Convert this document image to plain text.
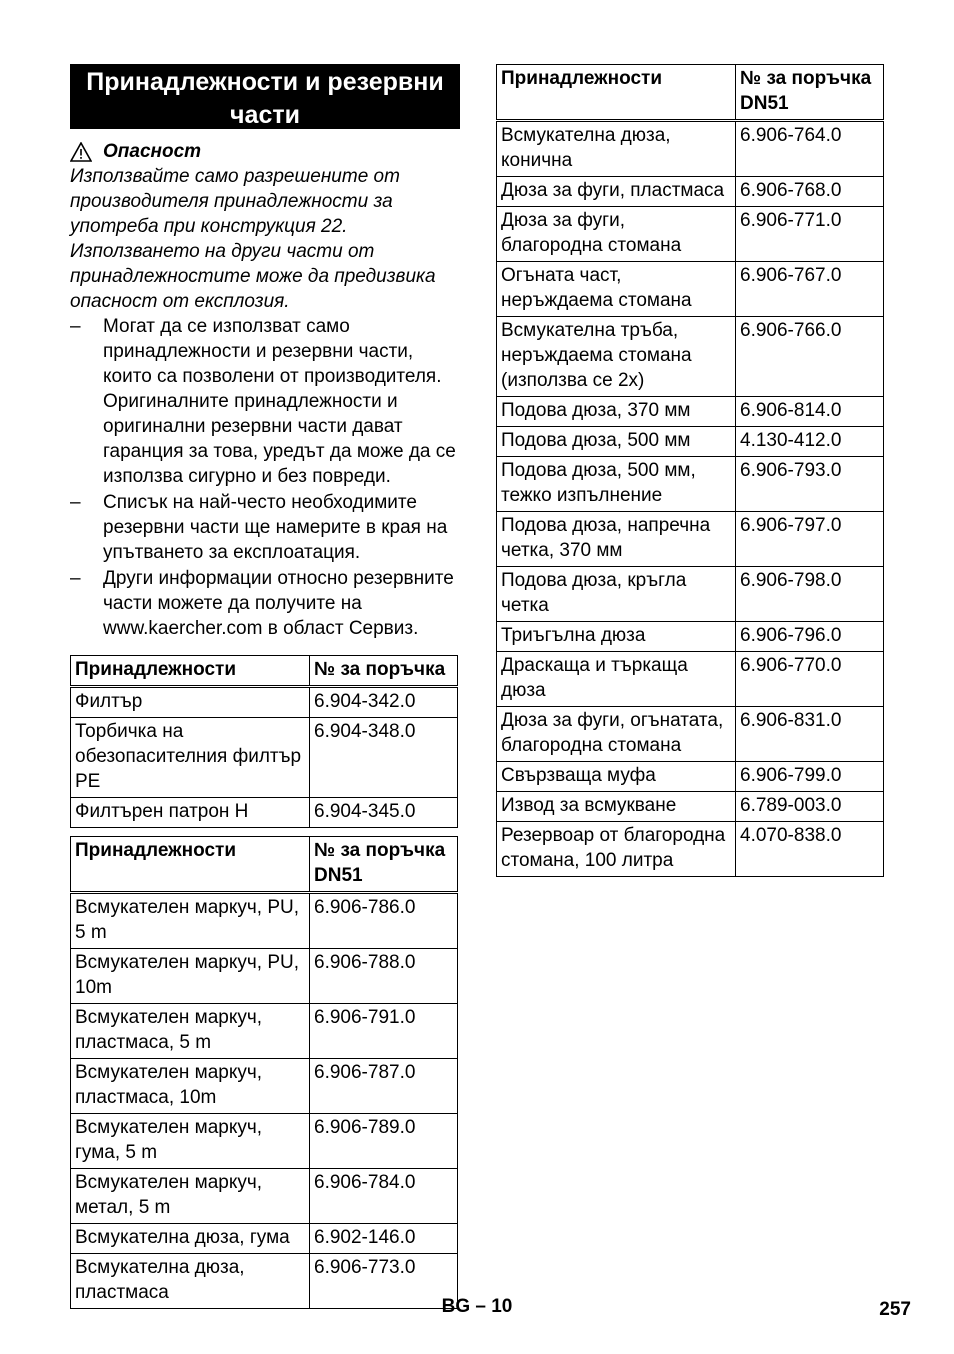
Принадлежности и резервни части
Опасност
Използвайте само разрешените от производителя принадлежности за употреба при конструкция 22. Използването на други части от принадлежностите може да предизвика опасност от експлозия.
– Могат да се използват само принадлежности и резервни части, които са позволени от производителя. Оригиналните принадлежности и оригинални резервни части дават гаранция за това, уредът да може да се използва сигурно и без повреди.
– Списък на най-често необходимите резервни части ще намерите в края на упътването за експлоатация.
– Други информации относно резервните части можете да получите на www.kaercher.com в област Сервиз.
Принадлежности	№ за поръчка
Филтър	6.904-342.0
Торбичка на обезопасителния филтър PE	6.904-348.0
Филтърен патрон H	6.904-345.0
Принадлежности	№ за поръчка DN51
Всмукателен маркуч, PU, 5 m	6.906-786.0
Всмукателен маркуч, PU, 10m	6.906-788.0
Всмукателен маркуч, пластмаса, 5 m	6.906-791.0
Всмукателен маркуч, пластмаса, 10m	6.906-787.0
Всмукателен маркуч, гума, 5 m	6.906-789.0
Всмукателен маркуч, метал, 5 m	6.906-784.0
Всмукателна дюза, гума	6.902-146.0
Всмукателна дюза, пластмаса	6.906-773.0
Принадлежности	№ за поръчка DN51
Всмукателна дюза, конична	6.906-764.0
Дюза за фуги, пластмаса	6.906-768.0
Дюза за фуги, благородна стомана	6.906-771.0
Огъната част, неръждаема стомана	6.906-767.0
Всмукателна тръба, неръждаема стомана (използва се 2x)	6.906-766.0
Подова дюза, 370 мм	6.906-814.0
Подова дюза, 500 мм	4.130-412.0
Подова дюза, 500 мм, тежко изпълнение	6.906-793.0
Подова дюза, напречна четка, 370 мм	6.906-797.0
Подова дюза, кръгла четка	6.906-798.0
Триъгълна дюза	6.906-796.0
Драскаща и търкаща дюза	6.906-770.0
Дюза за фуги, огънатата, благородна стомана	6.906-831.0
Свързваща муфа	6.906-799.0
Извод за всмукване	6.789-003.0
Резервоар от благородна стомана, 100 литра	4.070-838.0
BG – 10	257
